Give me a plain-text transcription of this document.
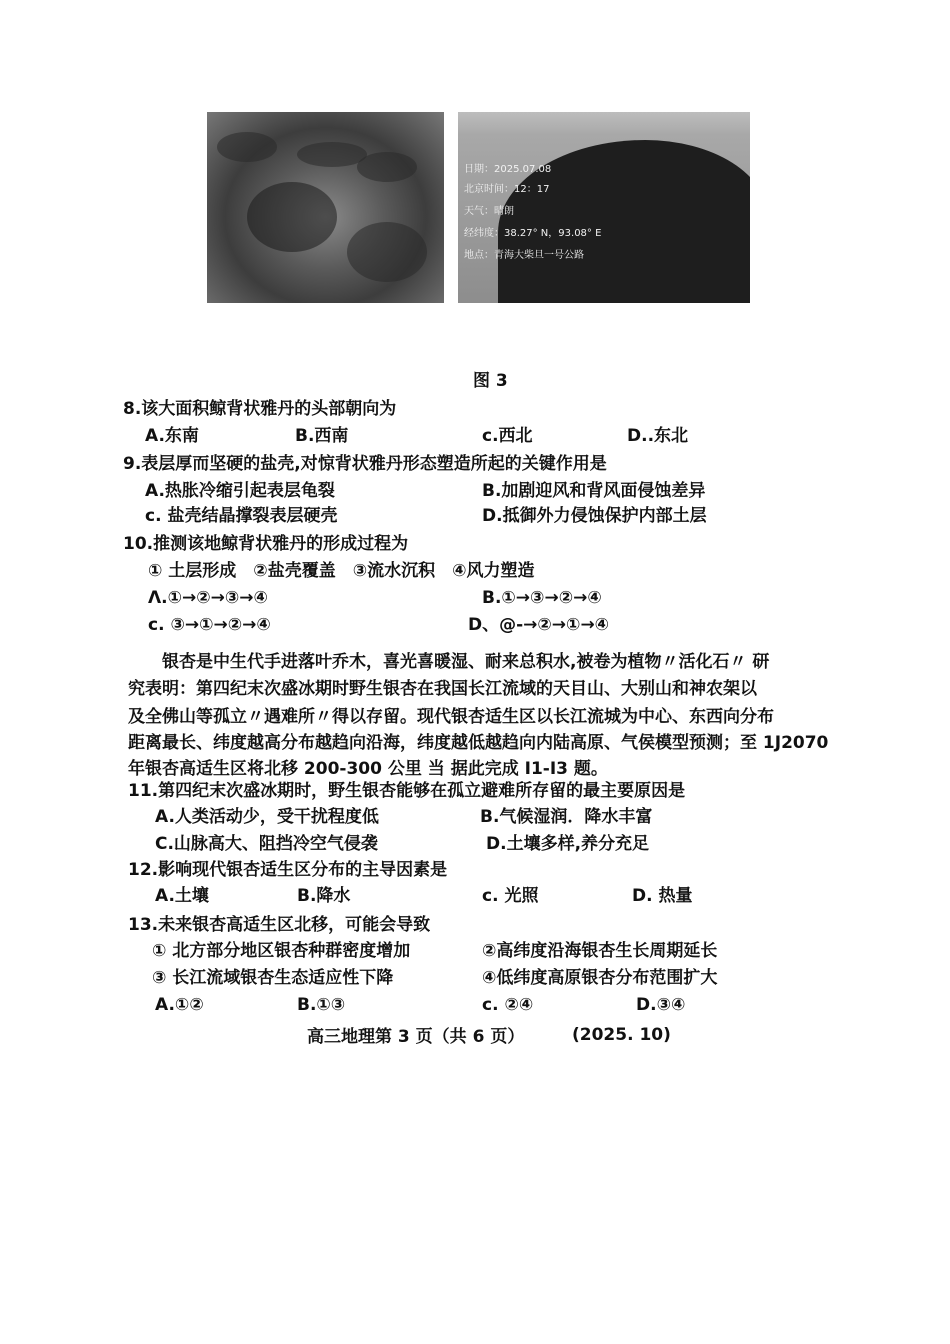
日期：2025.07.08
北京时间：12：17
天气：晴朗
经纬度：38.27° N，93.08° E
地点：青海大柴旦一号公路
图 3
8.该大面积鲸背状雅丹的头部朝向为
A.东南	B.西南	c.西北	D..东北
9.表层厚而坚硬的盐壳,对惊背状雅丹形态塑造所起的关键作用是
A.热胀冷缩引起表层龟裂	B.加剧迎风和背风面侵蚀差异
c. 盐壳结晶撑裂表层硬壳	D.抵御外力侵蚀保护内部土层
10.推测该地鲸背状雅丹的形成过程为
① 土层形成　②盐壳覆盖　③流水沉积　④风力塑造
Λ.①→②→③→④	B.①→③→②→④
c. ③→①→②→④	D、@-→②→①→④
银杏是中生代手进落叶乔木，喜光喜暖湿、耐来总积水,被卷为植物〃活化石〃 研
究表明：第四纪末次盛冰期时野生银杏在我国长江流域的天目山、大别山和神农架以
及全佛山等孤立〃遇难所〃得以存留。现代银杏适生区以长江流城为中心、东西向分布
距离最长、纬度越高分布越趋向沿海，纬度越低越趋向内陆高原、气侯模型预测；至 1J2070
年银杏高适生区将北移 200-300 公里 当 据此完成 I1-I3 题。
11.第四纪末次盛冰期时，野生银杏能够在孤立避难所存留的最主要原因是
A.人类活动少，受干扰程度低	B.气候湿润．降水丰富
C.山脉高大、阻挡冷空气侵袭	D.土壤多样,养分充足
12.影响现代银杏适生区分布的主导因素是
A.土壤	B.降水	c. 光照	D. 热量
13.未来银杏高适生区北移，可能会导致
① 北方部分地区银杏种群密度增加	②高纬度沿海银杏生长周期延长
③ 长江流域银杏生态适应性下降	④低纬度高原银杏分布范围扩大
A.①②	B.①③	c. ②④	D.③④
高三地理第 3 页（共 6 页）	(2025. 10)
